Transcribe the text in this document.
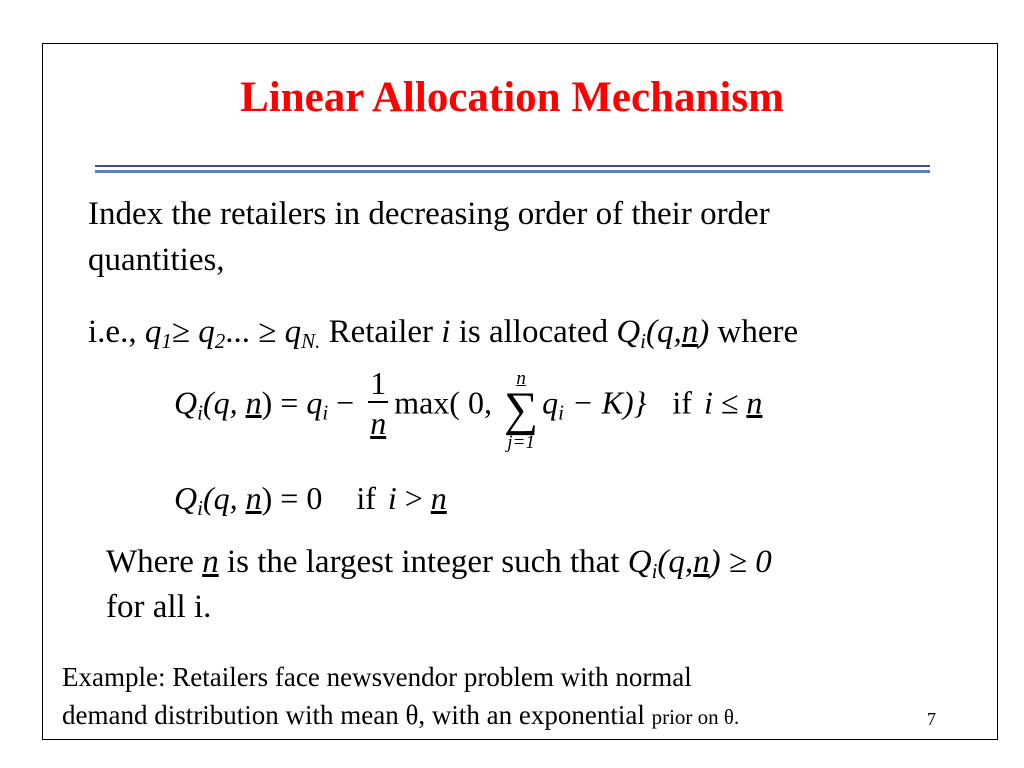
Linear Allocation Mechanism
Index the retailers in decreasing order of their order
quantities,
i.e., $q_1\ge q_2$... ≥ $q_{N.}$ Retailer i is allocated $Q_i(q,n)$ where
$Q_i(q$, $n) = q_i - \frac{1}{n} \max$( 0,
n
∑
j=1
$q_i - K$)} if i ≤ n
$Q_i(q$, n) = 0 if i > n
Where n is the largest integer such that $Q_i(q,n) \ge 0$
for all i.
Example: Retailers face newsvendor problem with normal
demand distribution with mean θ, with an exponential prior on θ.	7
